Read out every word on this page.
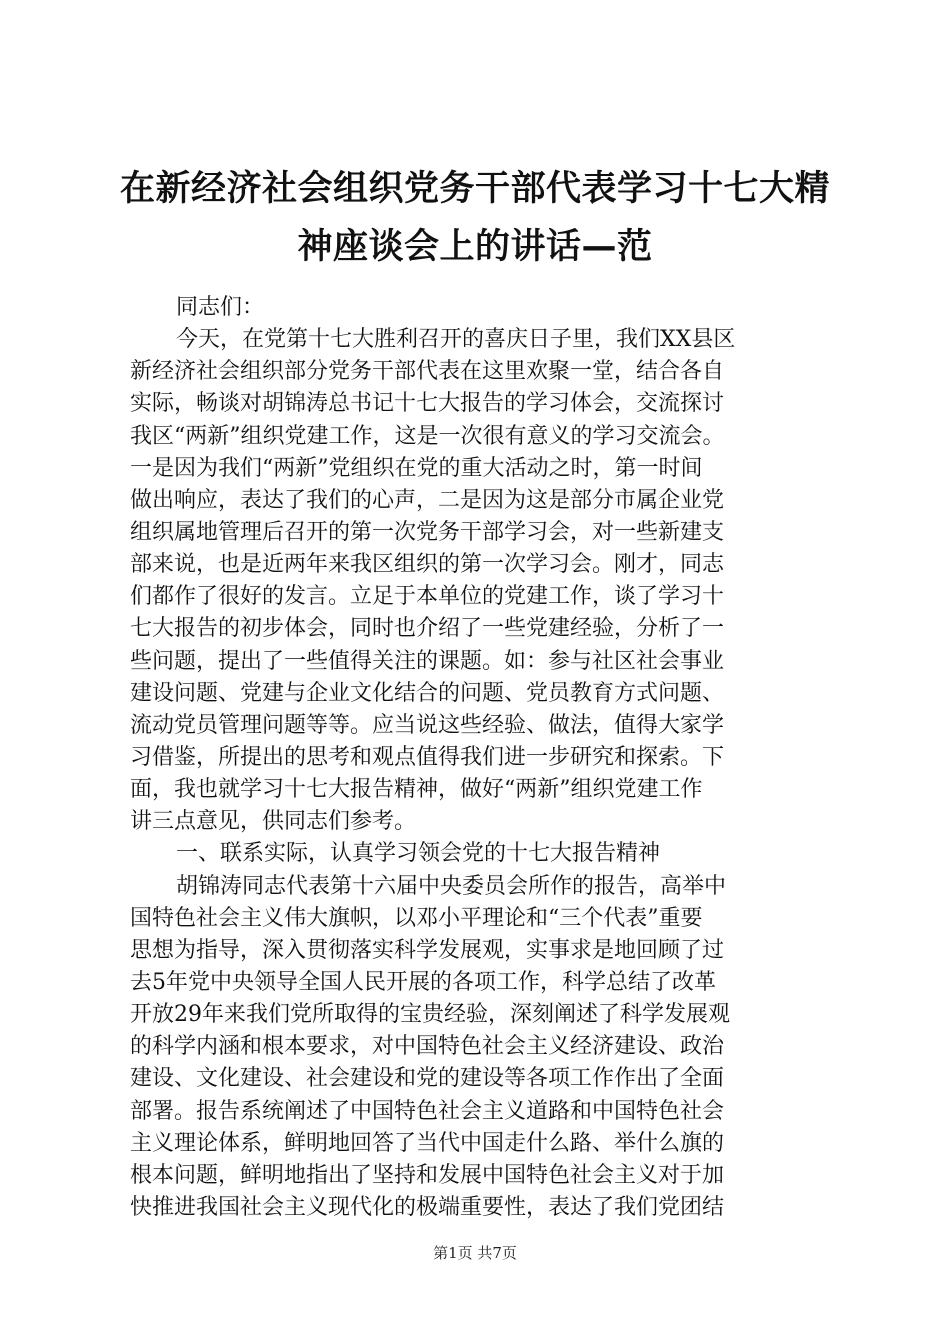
在新经济社会组织党务干部代表学习十七大精
神座谈会上的讲话—范

同志们：

今天，在党第十七大胜利召开的喜庆日子里，我们XX县区

新经济社会组织部分党务干部代表在这里欢聚一堂，结合各自

实际，畅谈对胡锦涛总书记十七大报告的学习体会，交流探讨

我区“两新”组织党建工作，这是一次很有意义的学习交流会。

一是因为我们“两新”党组织在党的重大活动之时，第一时间

做出响应，表达了我们的心声，二是因为这是部分市属企业党

组织属地管理后召开的第一次党务干部学习会，对一些新建支

部来说，也是近两年来我区组织的第一次学习会。刚才，同志

们都作了很好的发言。立足于本单位的党建工作，谈了学习十

七大报告的初步体会，同时也介绍了一些党建经验，分析了一

些问题，提出了一些值得关注的课题。如：参与社区社会事业

建设问题、党建与企业文化结合的问题、党员教育方式问题、

流动党员管理问题等等。应当说这些经验、做法，值得大家学

习借鉴，所提出的思考和观点值得我们进一步研究和探索。下

面，我也就学习十七大报告精神，做好“两新”组织党建工作

讲三点意见，供同志们参考。

一、联系实际，认真学习领会党的十七大报告精神

胡锦涛同志代表第十六届中央委员会所作的报告，高举中

国特色社会主义伟大旗帜，以邓小平理论和“三个代表”重要

思想为指导，深入贯彻落实科学发展观，实事求是地回顾了过

去5年党中央领导全国人民开展的各项工作，科学总结了改革

开放29年来我们党所取得的宝贵经验，深刻阐述了科学发展观

的科学内涵和根本要求，对中国特色社会主义经济建设、政治

建设、文化建设、社会建设和党的建设等各项工作作出了全面

部署。报告系统阐述了中国特色社会主义道路和中国特色社会

主义理论体系，鲜明地回答了当代中国走什么路、举什么旗的

根本问题，鲜明地指出了坚持和发展中国特色社会主义对于加

快推进我国社会主义现代化的极端重要性，表达了我们党团结

第1页 共7页
